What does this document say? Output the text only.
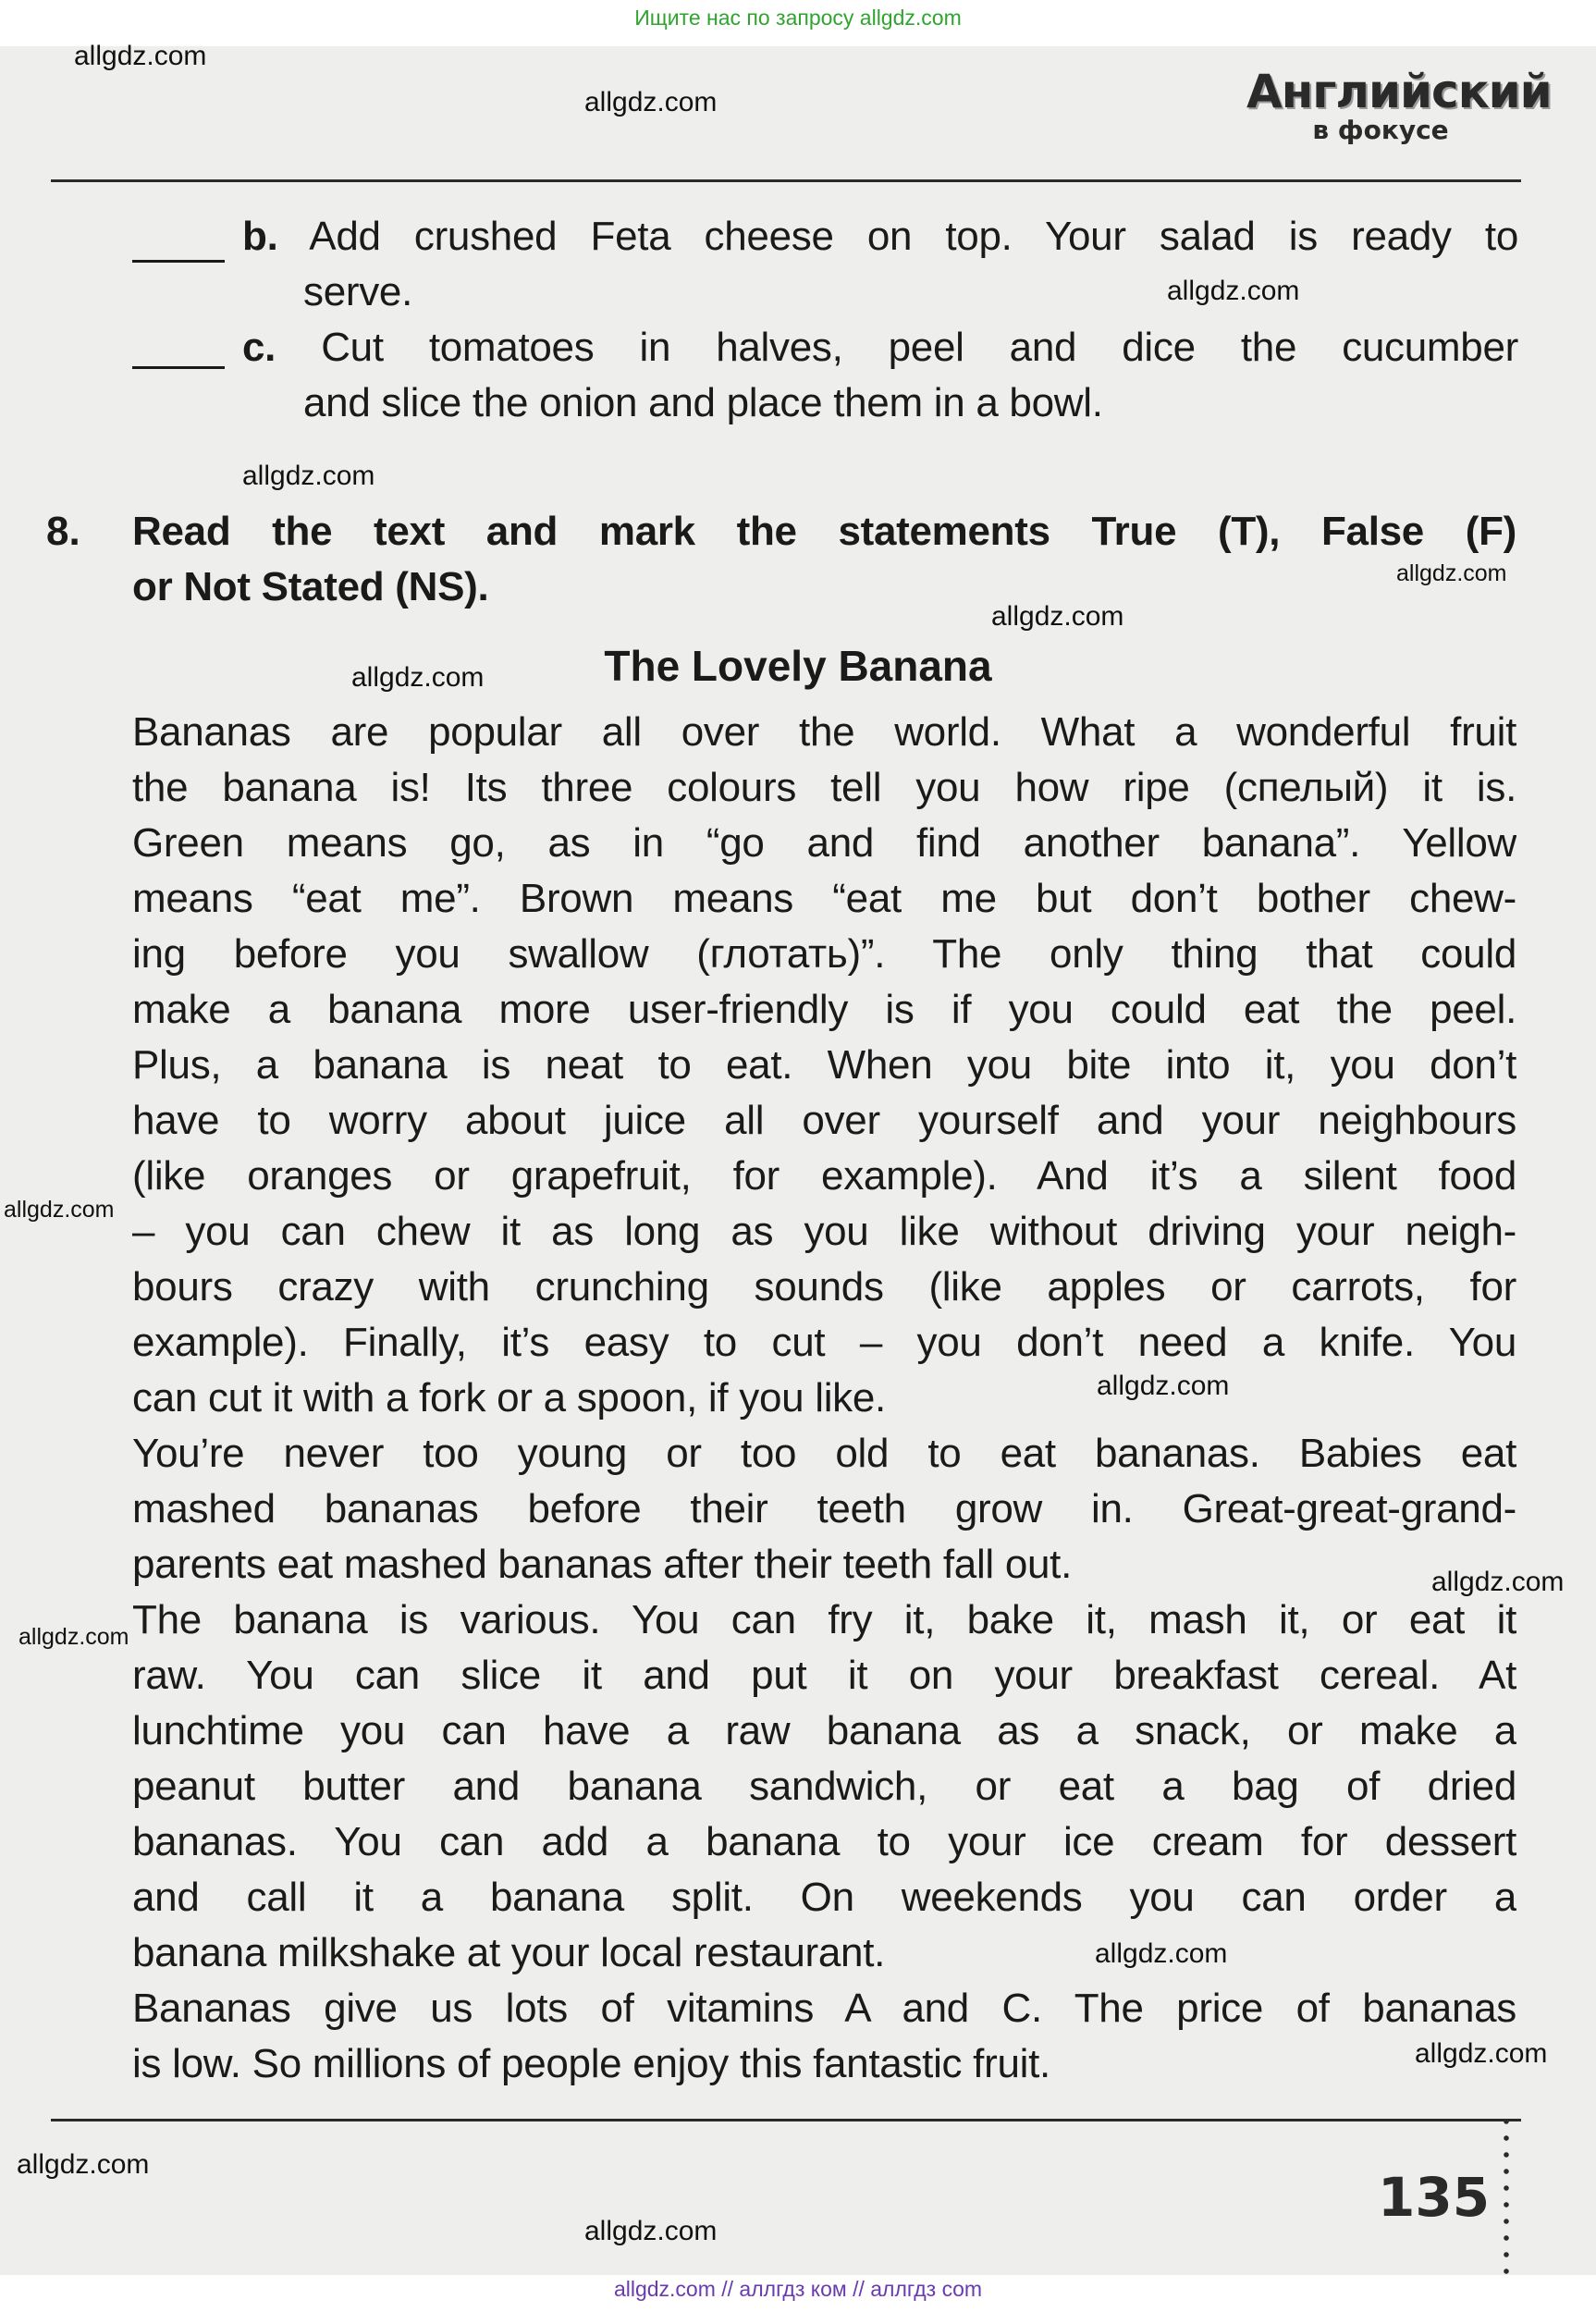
Ищите нас по запросу allgdz.com
allgdz.com
allgdz.com
allgdz.com
allgdz.com
allgdz.com
allgdz.com
allgdz.com
allgdz.com
allgdz.com
allgdz.com
allgdz.com
allgdz.com
allgdz.com
allgdz.com
allgdz.com
Английский
в фокусе
b. Add crushed Feta cheese on top. Your salad is ready to
serve.
c. Cut tomatoes in halves, peel and dice the cucumber
and slice the onion and place them in a bowl.
8. Read the text and mark the statements True (T), False (F)
or Not Stated (NS).
The Lovely Banana
Bananas are popular all over the world. What a wonderful fruit
the banana is! Its three colours tell you how ripe (спелый) it is.
Green means go, as in “go and find another banana”. Yellow
means “eat me”. Brown means “eat me but don’t bother chew-
ing before you swallow (глотать)”. The only thing that could
make a banana more user-friendly is if you could eat the peel.
Plus, a banana is neat to eat. When you bite into it, you don’t
have to worry about juice all over yourself and your neighbours
(like oranges or grapefruit, for example). And it’s a silent food
– you can chew it as long as you like without driving your neigh-
bours crazy with crunching sounds (like apples or carrots, for
example). Finally, it’s easy to cut – you don’t need a knife. You
can cut it with a fork or a spoon, if you like.
You’re never too young or too old to eat bananas. Babies eat
mashed bananas before their teeth grow in. Great-great-grand-
parents eat mashed bananas after their teeth fall out.
The banana is various. You can fry it, bake it, mash it, or eat it
raw. You can slice it and put it on your breakfast cereal. At
lunchtime you can have a raw banana as a snack, or make a
peanut butter and banana sandwich, or eat a bag of dried
bananas. You can add a banana to your ice cream for dessert
and call it a banana split. On weekends you can order a
banana milkshake at your local restaurant.
Bananas give us lots of vitamins A and C. The price of bananas
is low. So millions of people enjoy this fantastic fruit.
135
allgdz.com // аллгдз ком // аллгдз com
